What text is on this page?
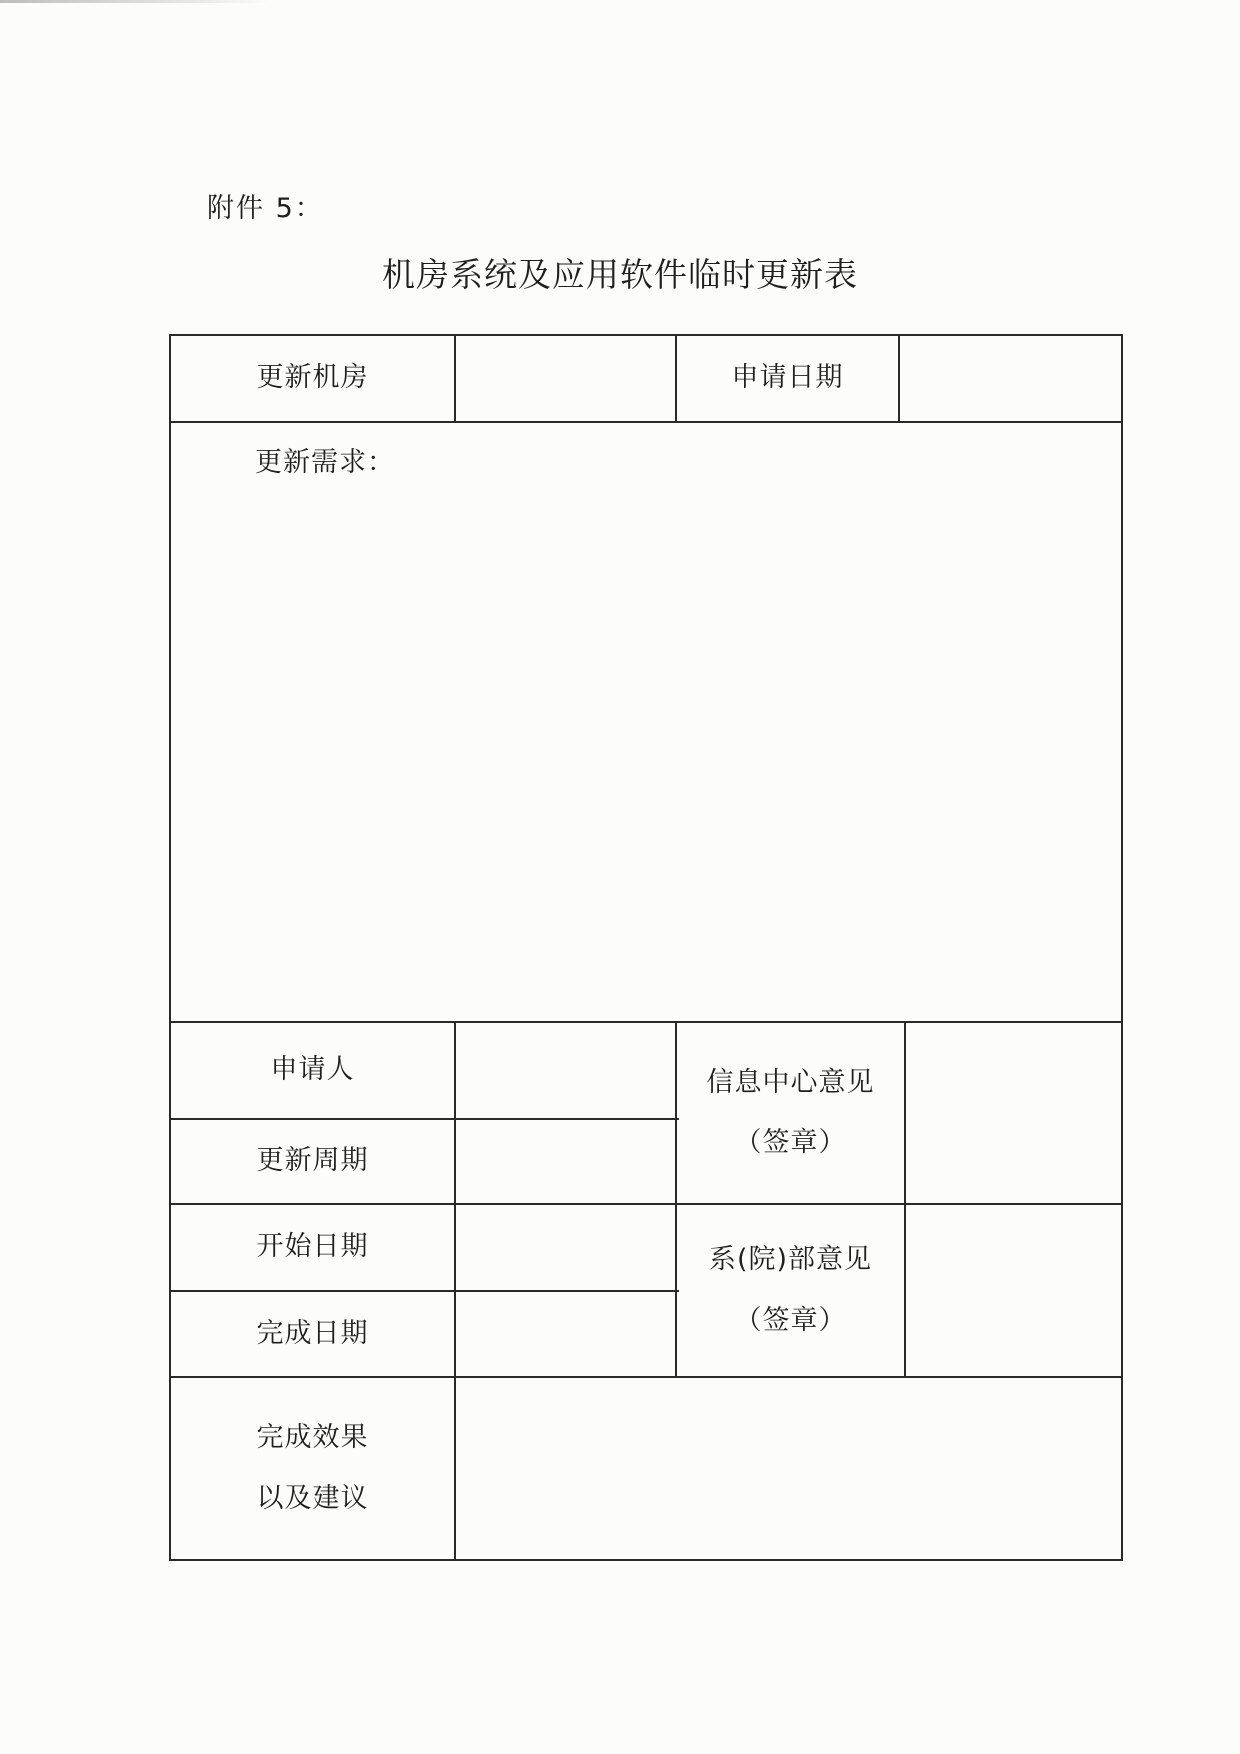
附件 5：
机房系统及应用软件临时更新表
更新机房	申请日期
更新需求：
申请人
更新周期
信息中心意见
（签章）
开始日期
完成日期
系(院)部意见
（签章）
完成效果
以及建议
